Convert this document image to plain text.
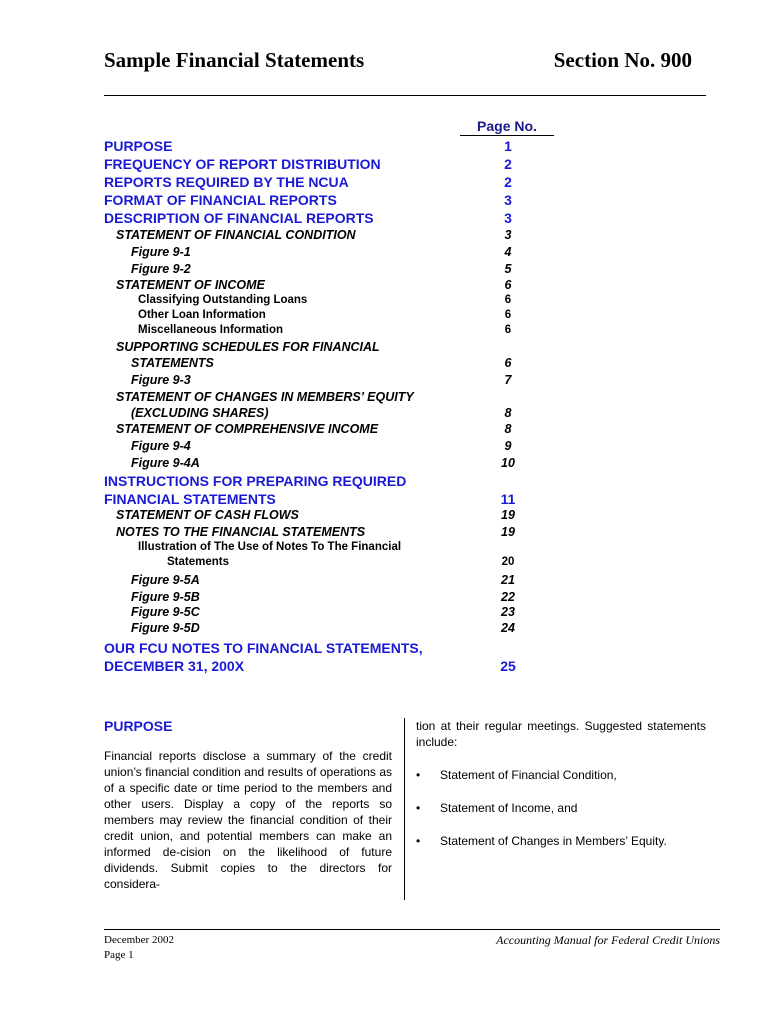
Sample Financial Statements	Section No. 900
Page No.
PURPOSE	1
FREQUENCY OF REPORT DISTRIBUTION	2
REPORTS REQUIRED BY THE NCUA	2
FORMAT OF FINANCIAL REPORTS	3
DESCRIPTION OF FINANCIAL REPORTS	3
STATEMENT OF FINANCIAL CONDITION	3
Figure 9-1	4
Figure 9-2	5
STATEMENT OF INCOME	6
Classifying Outstanding Loans	6
Other Loan Information	6
Miscellaneous Information	6
SUPPORTING SCHEDULES FOR FINANCIAL
STATEMENTS	6
Figure 9-3	7
STATEMENT OF CHANGES IN MEMBERS’ EQUITY
(EXCLUDING SHARES)	8
STATEMENT OF COMPREHENSIVE INCOME	8
Figure 9-4	9
Figure 9-4A	10
INSTRUCTIONS FOR PREPARING REQUIRED
FINANCIAL STATEMENTS	11
STATEMENT OF CASH FLOWS	19
NOTES TO THE FINANCIAL STATEMENTS	19
Illustration of The Use of Notes To The Financial
Statements	20
Figure 9-5A	21
Figure 9-5B	22
Figure 9-5C	23
Figure 9-5D	24
OUR FCU NOTES TO FINANCIAL STATEMENTS,
DECEMBER 31, 200X	25
PURPOSE

Financial reports disclose a summary of the credit union’s financial condition and results of operations as of a specific date or time period to the members and other users. Display a copy of the reports so members may review the financial condition of their credit union, and potential members can make an informed de-cision on the likelihood of future dividends. Submit copies to the directors for considera-

tion at their regular meetings. Suggested statements include:

• Statement of Financial Condition,
• Statement of Income, and
• Statement of Changes in Members’ Equity.
December 2002
Page 1
Accounting Manual for Federal Credit Unions
